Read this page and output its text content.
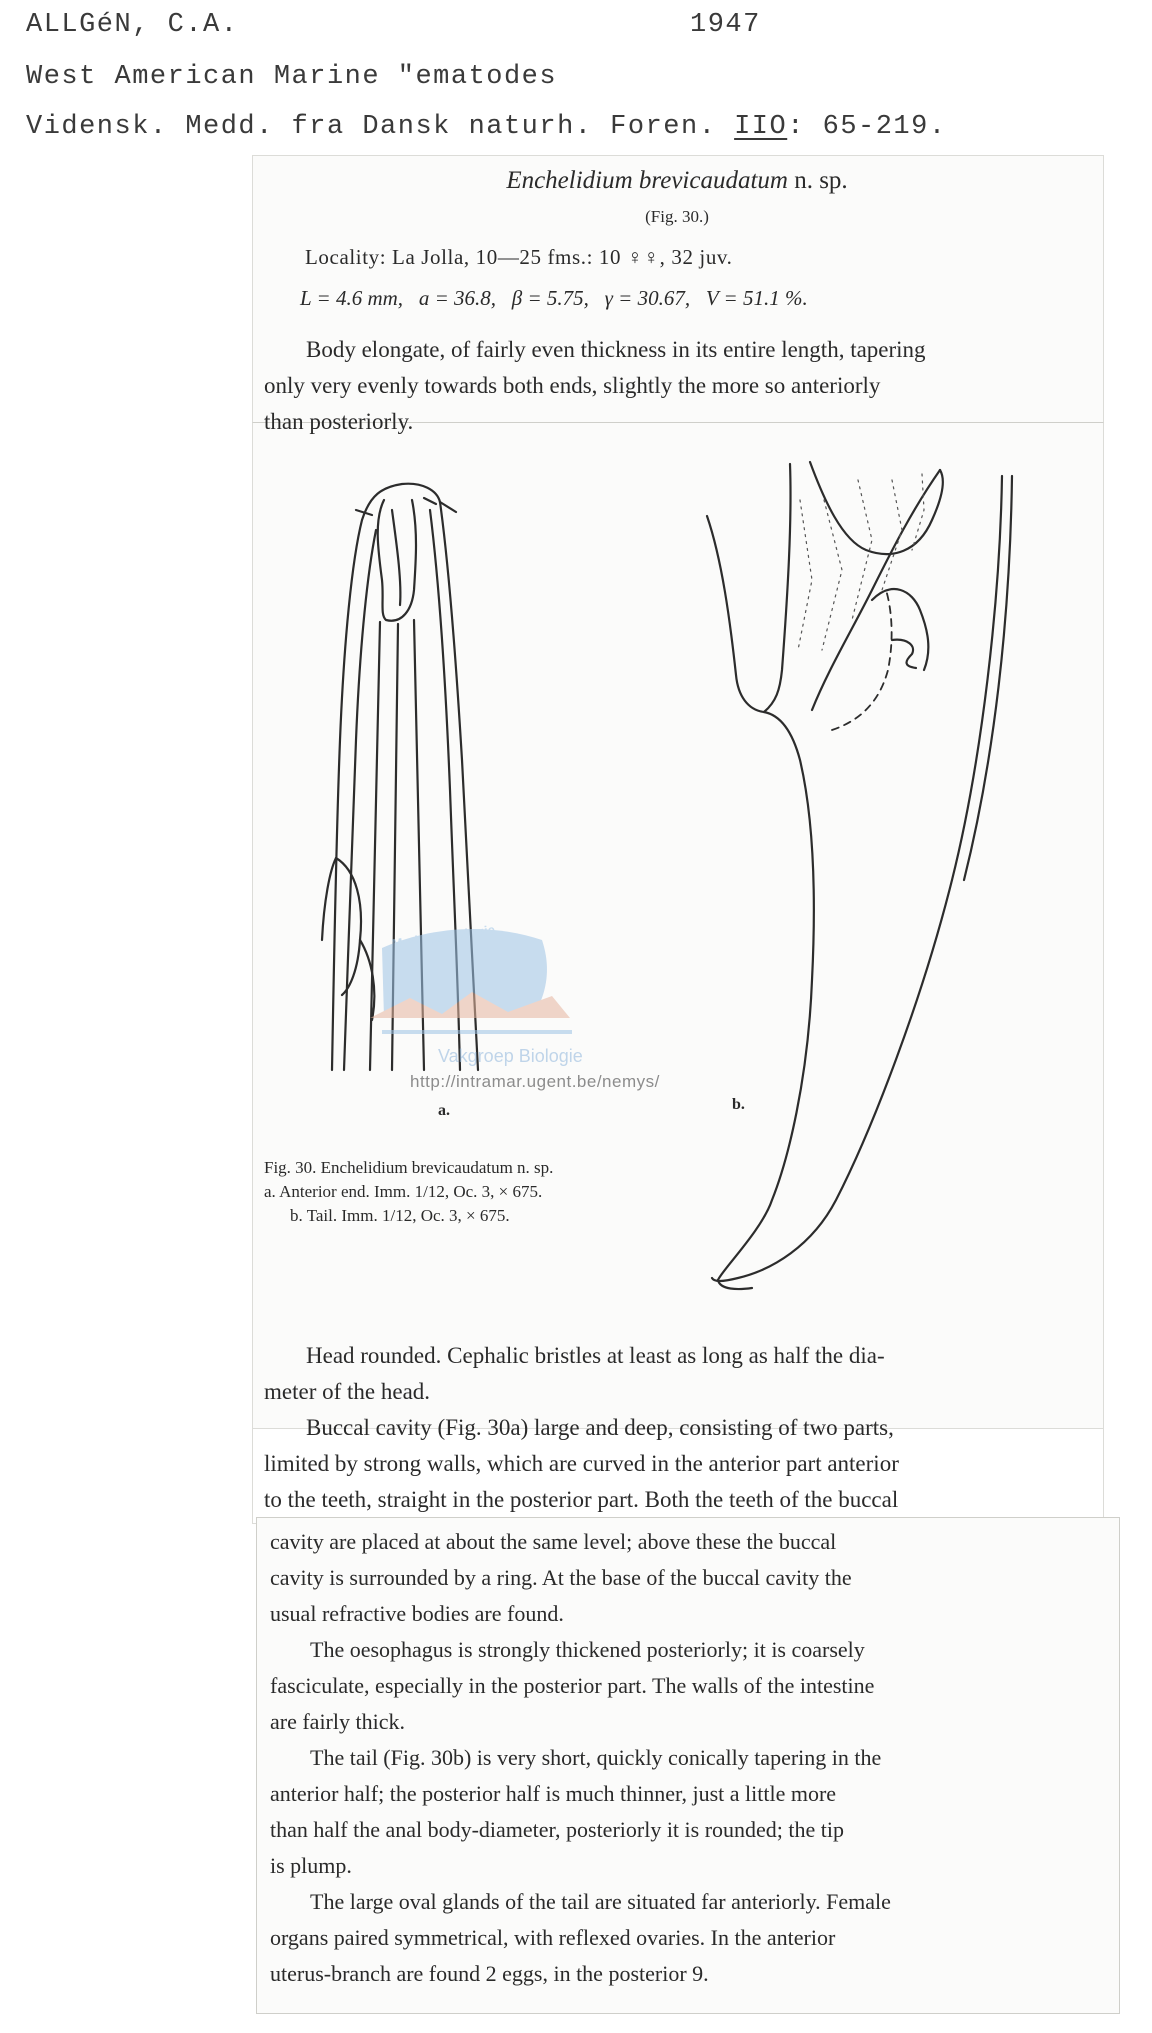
ALLGéN, C.A.	1947
West American Marine "ematodes
Vidensk. Medd. fra Dansk naturh. Foren. IIO: 65-219.
Enchelidium brevicaudatum n. sp.
(Fig. 30.)
Locality: La Jolla, 10—25 fms.: 10 ♀♀, 32 juv.
L = 4.6 mm, a = 36.8, β = 5.75, γ = 30.67, V = 51.1 %.
Body elongate, of fairly even thickness in its entire length, tapering
only very evenly towards both ends, slightly the more so anteriorly
than posteriorly.
Mariene Biologie
Vakgroep Biologie
http://intramar.ugent.be/nemys/
a.	b.
Fig. 30. Enchelidium brevicaudatum n. sp.
a. Anterior end. Imm. 1/12, Oc. 3, × 675.
b. Tail. Imm. 1/12, Oc. 3, × 675.
Head rounded. Cephalic bristles at least as long as half the dia-
meter of the head.
Buccal cavity (Fig. 30a) large and deep, consisting of two parts,
limited by strong walls, which are curved in the anterior part anterior
to the teeth, straight in the posterior part. Both the teeth of the buccal
cavity are placed at about the same level; above these the buccal
cavity is surrounded by a ring. At the base of the buccal cavity the
usual refractive bodies are found.
The oesophagus is strongly thickened posteriorly; it is coarsely
fasciculate, especially in the posterior part. The walls of the intestine
are fairly thick.
The tail (Fig. 30b) is very short, quickly conically tapering in the
anterior half; the posterior half is much thinner, just a little more
than half the anal body-diameter, posteriorly it is rounded; the tip
is plump.
The large oval glands of the tail are situated far anteriorly. Female
organs paired symmetrical, with reflexed ovaries. In the anterior
uterus-branch are found 2 eggs, in the posterior 9.
